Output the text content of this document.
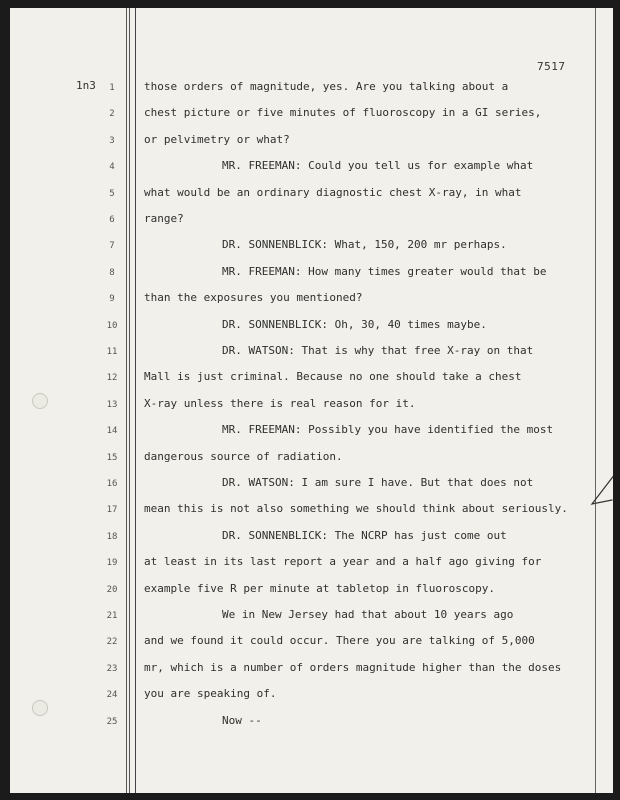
7517
1n3	1
2
3
4
5
6
7
8
9
10
11
12
13
14
15
16
17
18
19
20
21
22
23
24
25
those orders of magnitude, yes. Are you talking about a
chest picture or five minutes of fluoroscopy in a GI series,
or pelvimetry or what?
MR. FREEMAN: Could you tell us for example what
what would be an ordinary diagnostic chest X-ray, in what
range?
DR. SONNENBLICK: What, 150, 200 mr perhaps.
MR. FREEMAN: How many times greater would that be
than the exposures you mentioned?
DR. SONNENBLICK: Oh, 30, 40 times maybe.
DR. WATSON: That is why that free X-ray on that
Mall is just criminal. Because no one should take a chest
X-ray unless there is real reason for it.
MR. FREEMAN: Possibly you have identified the most
dangerous source of radiation.
DR. WATSON: I am sure I have. But that does not
mean this is not also something we should think about seriously.
DR. SONNENBLICK: The NCRP has just come out
at least in its last report a year and a half ago giving for
example five R per minute at tabletop in fluoroscopy.
We in New Jersey had that about 10 years ago
and we found it could occur. There you are talking of 5,000
mr, which is a number of orders magnitude higher than the doses
you are speaking of.
Now --
